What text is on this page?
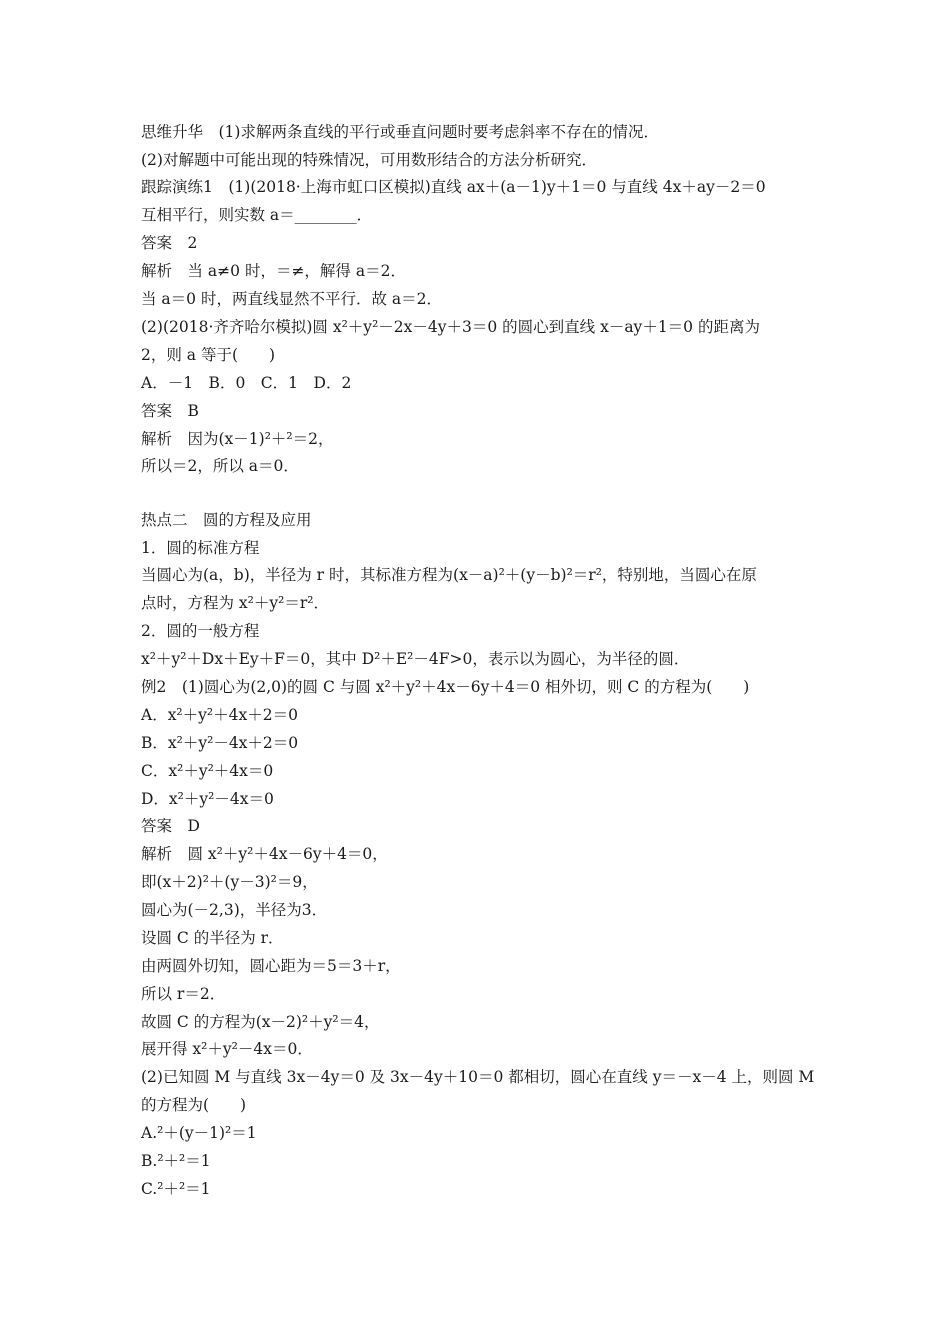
思维升华　(1)求解两条直线的平行或垂直问题时要考虑斜率不存在的情况．
(2)对解题中可能出现的特殊情况，可用数形结合的方法分析研究．
跟踪演练1　(1)(2018·上海市虹口区模拟)直线 ax＋(a－1)y＋1＝0 与直线 4x＋ay－2＝0
互相平行，则实数 a＝________．
答案　2
解析　当 a≠0 时，＝≠，解得 a＝2．
当 a＝0 时，两直线显然不平行．故 a＝2．
(2)(2018·齐齐哈尔模拟)圆 x²＋y²－2x－4y＋3＝0 的圆心到直线 x－ay＋1＝0 的距离为
2，则 a 等于(　　)
A．－1　B．0　C．1　D．2
答案　B
解析　因为(x－1)²＋²＝2，
所以＝2，所以 a＝0．
热点二　圆的方程及应用
1．圆的标准方程
当圆心为(a，b)，半径为 r 时，其标准方程为(x－a)²＋(y－b)²＝r²，特别地，当圆心在原
点时，方程为 x²＋y²＝r²．
2．圆的一般方程
x²＋y²＋Dx＋Ey＋F＝0，其中 D²＋E²－4F>0，表示以为圆心，为半径的圆．
例2　(1)圆心为(2,0)的圆 C 与圆 x²＋y²＋4x－6y＋4＝0 相外切，则 C 的方程为(　　)
A．x²＋y²＋4x＋2＝0
B．x²＋y²－4x＋2＝0
C．x²＋y²＋4x＝0
D．x²＋y²－4x＝0
答案　D
解析　圆 x²＋y²＋4x－6y＋4＝0，
即(x＋2)²＋(y－3)²＝9，
圆心为(－2,3)，半径为3．
设圆 C 的半径为 r．
由两圆外切知，圆心距为＝5＝3＋r，
所以 r＝2．
故圆 C 的方程为(x－2)²＋y²＝4，
展开得 x²＋y²－4x＝0．
(2)已知圆 M 与直线 3x－4y＝0 及 3x－4y＋10＝0 都相切，圆心在直线 y＝－x－4 上，则圆 M
的方程为(　　)
A.²＋(y－1)²＝1
B.²＋²＝1
C.²＋²＝1
